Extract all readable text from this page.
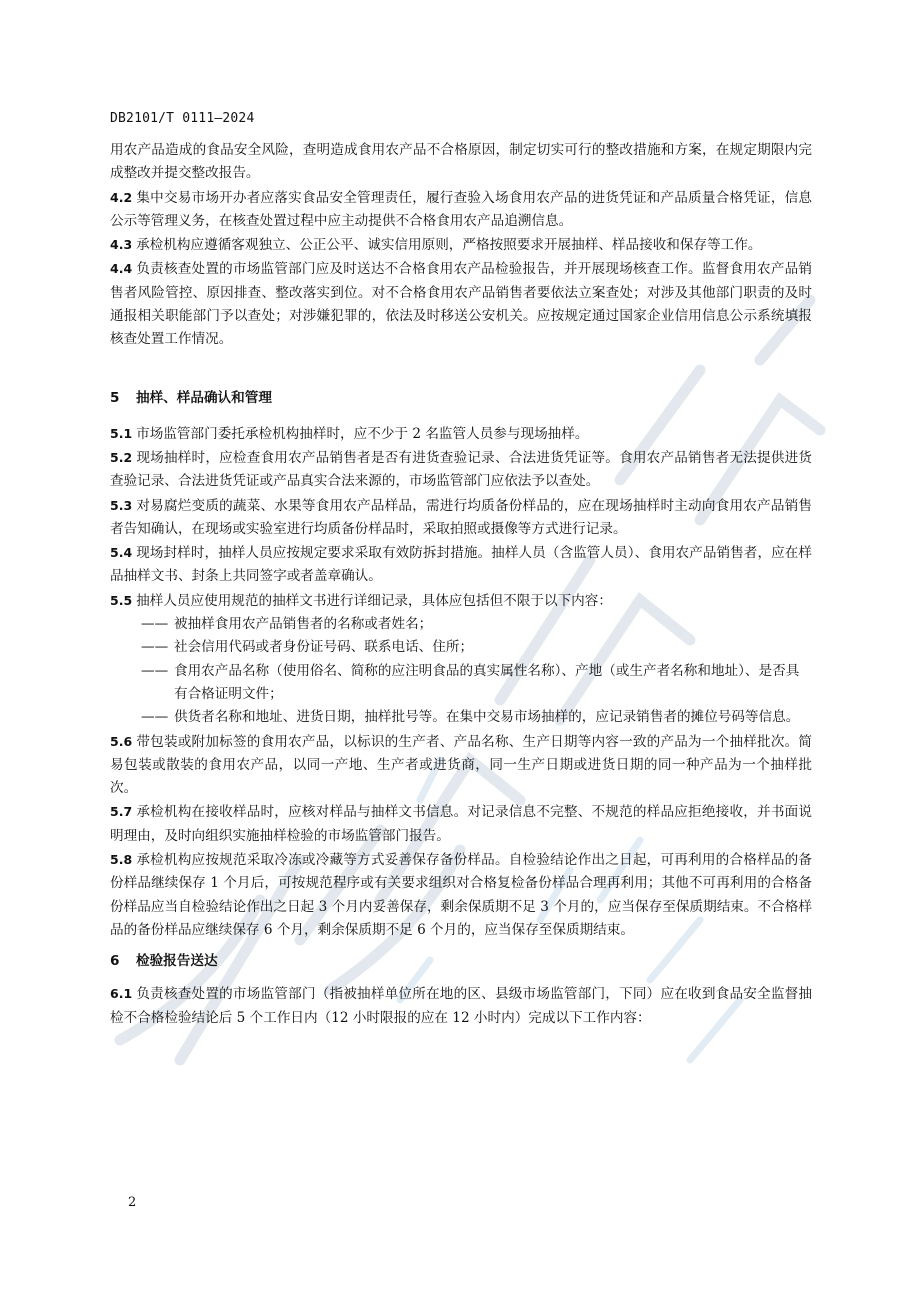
DB2101/T 0111—2024

用农产品造成的食品安全风险，查明造成食用农产品不合格原因，制定切实可行的整改措施和方案，在规定期限内完成整改并提交整改报告。

4.2 集中交易市场开办者应落实食品安全管理责任，履行查验入场食用农产品的进货凭证和产品质量合格凭证，信息公示等管理义务，在核查处置过程中应主动提供不合格食用农产品追溯信息。

4.3 承检机构应遵循客观独立、公正公平、诚实信用原则，严格按照要求开展抽样、样品接收和保存等工作。

4.4 负责核查处置的市场监管部门应及时送达不合格食用农产品检验报告，并开展现场核查工作。监督食用农产品销售者风险管控、原因排查、整改落实到位。对不合格食用农产品销售者要依法立案查处；对涉及其他部门职责的及时通报相关职能部门予以查处；对涉嫌犯罪的，依法及时移送公安机关。应按规定通过国家企业信用信息公示系统填报核查处置工作情况。

5 抽样、样品确认和管理

5.1 市场监管部门委托承检机构抽样时，应不少于 2 名监管人员参与现场抽样。

5.2 现场抽样时，应检查食用农产品销售者是否有进货查验记录、合法进货凭证等。食用农产品销售者无法提供进货查验记录、合法进货凭证或产品真实合法来源的，市场监管部门应依法予以查处。

5.3 对易腐烂变质的蔬菜、水果等食用农产品样品，需进行均质备份样品的，应在现场抽样时主动向食用农产品销售者告知确认，在现场或实验室进行均质备份样品时，采取拍照或摄像等方式进行记录。

5.4 现场封样时，抽样人员应按规定要求采取有效防拆封措施。抽样人员（含监管人员）、食用农产品销售者，应在样品抽样文书、封条上共同签字或者盖章确认。

5.5 抽样人员应使用规范的抽样文书进行详细记录，具体应包括但不限于以下内容：

—— 被抽样食用农产品销售者的名称或者姓名；

—— 社会信用代码或者身份证号码、联系电话、住所；

—— 食用农产品名称（使用俗名、简称的应注明食品的真实属性名称）、产地（或生产者名称和地址）、是否具有合格证明文件；

—— 供货者名称和地址、进货日期，抽样批号等。在集中交易市场抽样的，应记录销售者的摊位号码等信息。

5.6 带包装或附加标签的食用农产品，以标识的生产者、产品名称、生产日期等内容一致的产品为一个抽样批次。简易包装或散装的食用农产品，以同一产地、生产者或进货商，同一生产日期或进货日期的同一种产品为一个抽样批次。

5.7 承检机构在接收样品时，应核对样品与抽样文书信息。对记录信息不完整、不规范的样品应拒绝接收，并书面说明理由，及时向组织实施抽样检验的市场监管部门报告。

5.8 承检机构应按规范采取冷冻或冷藏等方式妥善保存备份样品。自检验结论作出之日起，可再利用的合格样品的备份样品继续保存 1 个月后，可按规范程序或有关要求组织对合格复检备份样品合理再利用；其他不可再利用的合格备份样品应当自检验结论作出之日起 3 个月内妥善保存，剩余保质期不足 3 个月的，应当保存至保质期结束。不合格样品的备份样品应继续保存 6 个月，剩余保质期不足 6 个月的，应当保存至保质期结束。

6 检验报告送达

6.1 负责核查处置的市场监管部门（指被抽样单位所在地的区、县级市场监管部门，下同）应在收到食品安全监督抽检不合格检验结论后 5 个工作日内（12 小时限报的应在 12 小时内）完成以下工作内容：

2
